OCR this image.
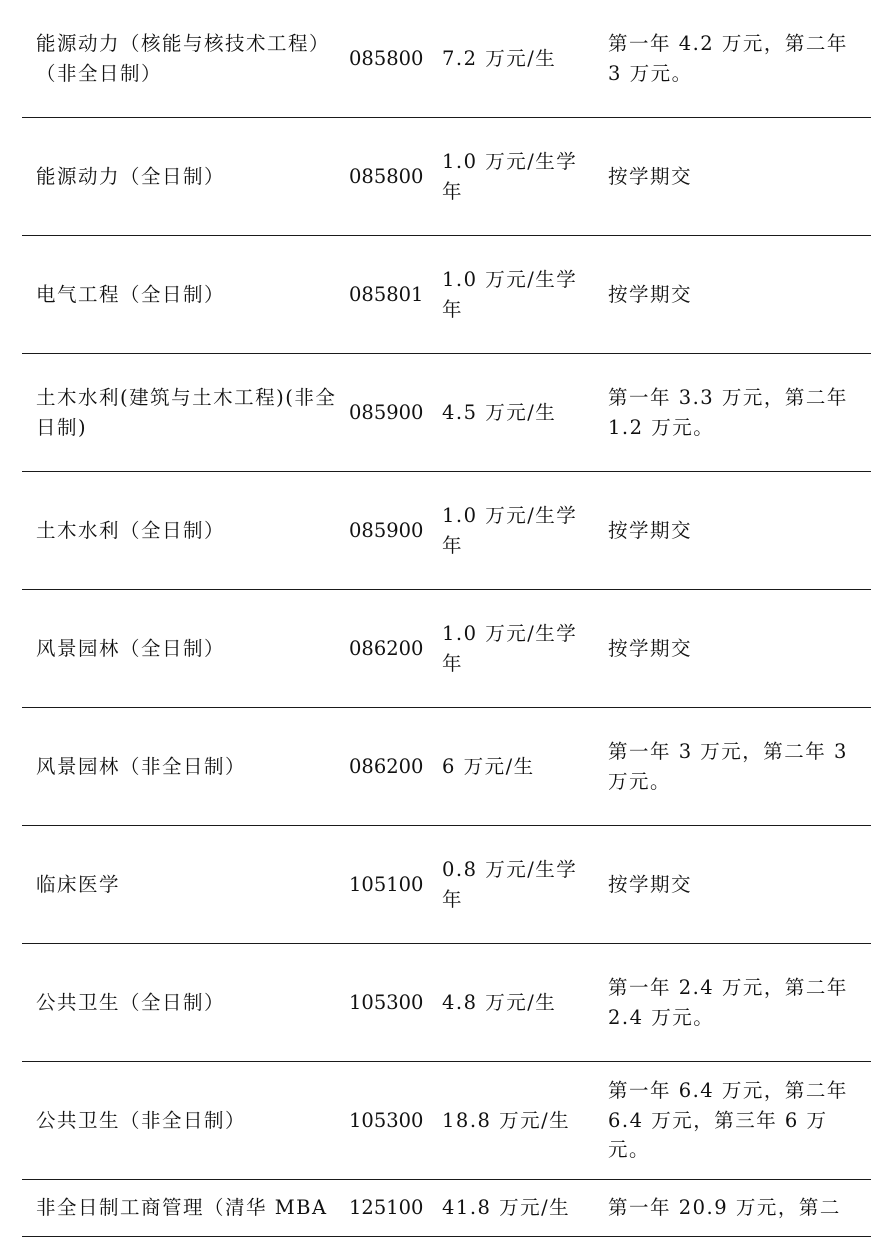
能源动力（核能与核技术工程）（非全日制）	085800	7.2 万元/生	第一年 4.2 万元，第二年 3 万元。
能源动力（全日制）	085800	1.0 万元/生学年	按学期交
电气工程（全日制）	085801	1.0 万元/生学年	按学期交
土木水利(建筑与土木工程)(非全日制)	085900	4.5 万元/生	第一年 3.3 万元，第二年 1.2 万元。
土木水利（全日制）	085900	1.0 万元/生学年	按学期交
风景园林（全日制）	086200	1.0 万元/生学年	按学期交
风景园林（非全日制）	086200	6 万元/生	第一年 3 万元，第二年 3 万元。
临床医学	105100	0.8 万元/生学年	按学期交
公共卫生（全日制）	105300	4.8 万元/生	第一年 2.4 万元，第二年 2.4 万元。
公共卫生（非全日制）	105300	18.8 万元/生	第一年 6.4 万元，第二年 6.4 万元，第三年 6 万元。
非全日制工商管理（清华 MBA	125100	41.8 万元/生	第一年 20.9 万元，第二
